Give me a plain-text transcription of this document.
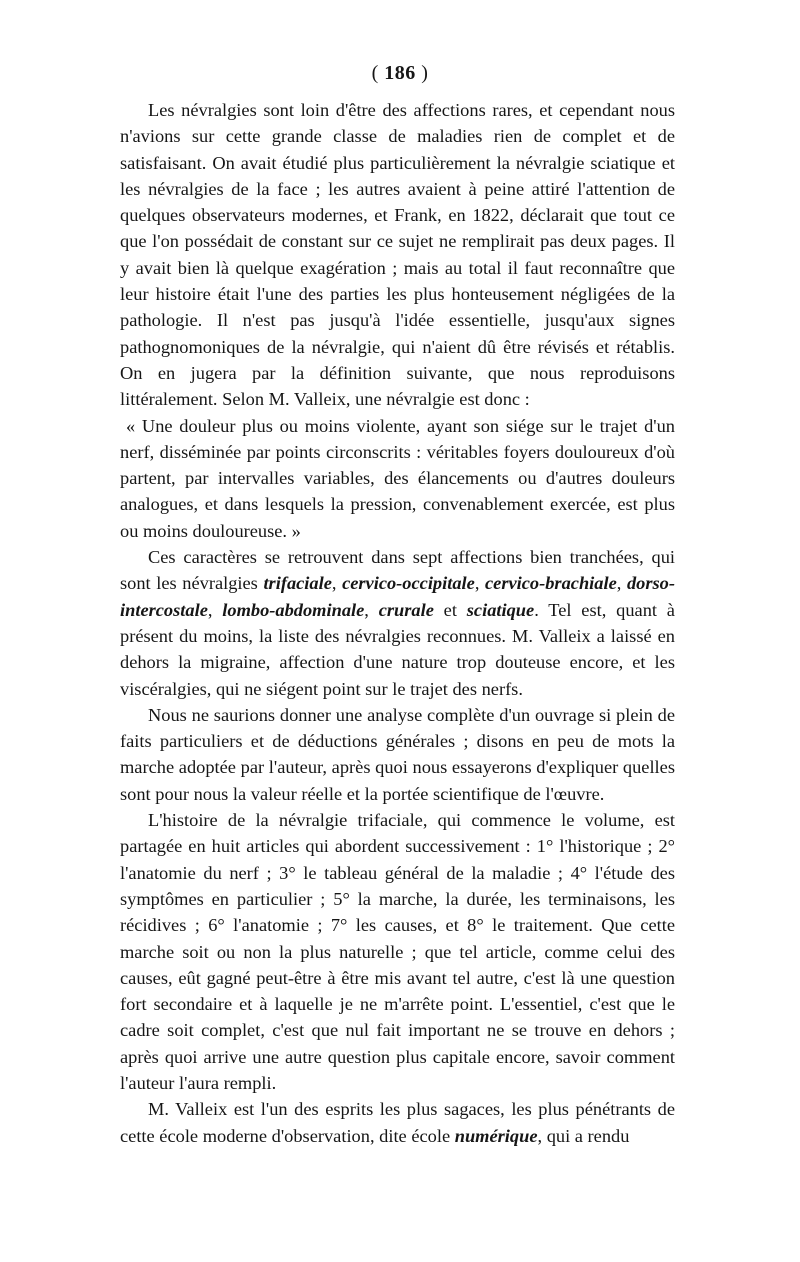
( 186 )

Les névralgies sont loin d'être des affections rares, et cependant nous n'avions sur cette grande classe de maladies rien de complet et de satisfaisant. On avait étudié plus particulièrement la névralgie sciatique et les névralgies de la face ; les autres avaient à peine attiré l'attention de quelques observateurs modernes, et Frank, en 1822, déclarait que tout ce que l'on possédait de constant sur ce sujet ne remplirait pas deux pages. Il y avait bien là quelque exagération ; mais au total il faut reconnaître que leur histoire était l'une des parties les plus honteusement négligées de la pathologie. Il n'est pas jusqu'à l'idée essentielle, jusqu'aux signes pathognomoniques de la névralgie, qui n'aient dû être révisés et rétablis. On en jugera par la définition suivante, que nous reproduisons littéralement. Selon M. Valleix, une névralgie est donc :

« Une douleur plus ou moins violente, ayant son siége sur le trajet d'un nerf, disséminée par points circonscrits : véritables foyers douloureux d'où partent, par intervalles variables, des élancements ou d'autres douleurs analogues, et dans lesquels la pression, convenablement exercée, est plus ou moins douloureuse. »

Ces caractères se retrouvent dans sept affections bien tranchées, qui sont les névralgies trifaciale, cervico-occipitale, cervico-brachiale, dorso-intercostale, lombo-abdominale, crurale et sciatique. Tel est, quant à présent du moins, la liste des névralgies reconnues. M. Valleix a laissé en dehors la migraine, affection d'une nature trop douteuse encore, et les viscéralgies, qui ne siégent point sur le trajet des nerfs.

Nous ne saurions donner une analyse complète d'un ouvrage si plein de faits particuliers et de déductions générales ; disons en peu de mots la marche adoptée par l'auteur, après quoi nous essayerons d'expliquer quelles sont pour nous la valeur réelle et la portée scientifique de l'œuvre.

L'histoire de la névralgie trifaciale, qui commence le volume, est partagée en huit articles qui abordent successivement : 1° l'historique ; 2° l'anatomie du nerf ; 3° le tableau général de la maladie ; 4° l'étude des symptômes en particulier ; 5° la marche, la durée, les terminaisons, les récidives ; 6° l'anatomie ; 7° les causes, et 8° le traitement. Que cette marche soit ou non la plus naturelle ; que tel article, comme celui des causes, eût gagné peut-être à être mis avant tel autre, c'est là une question fort secondaire et à laquelle je ne m'arrête point. L'essentiel, c'est que le cadre soit complet, c'est que nul fait important ne se trouve en dehors ; après quoi arrive une autre question plus capitale encore, savoir comment l'auteur l'aura rempli.

M. Valleix est l'un des esprits les plus sagaces, les plus pénétrants de cette école moderne d'observation, dite école numérique, qui a rendu
